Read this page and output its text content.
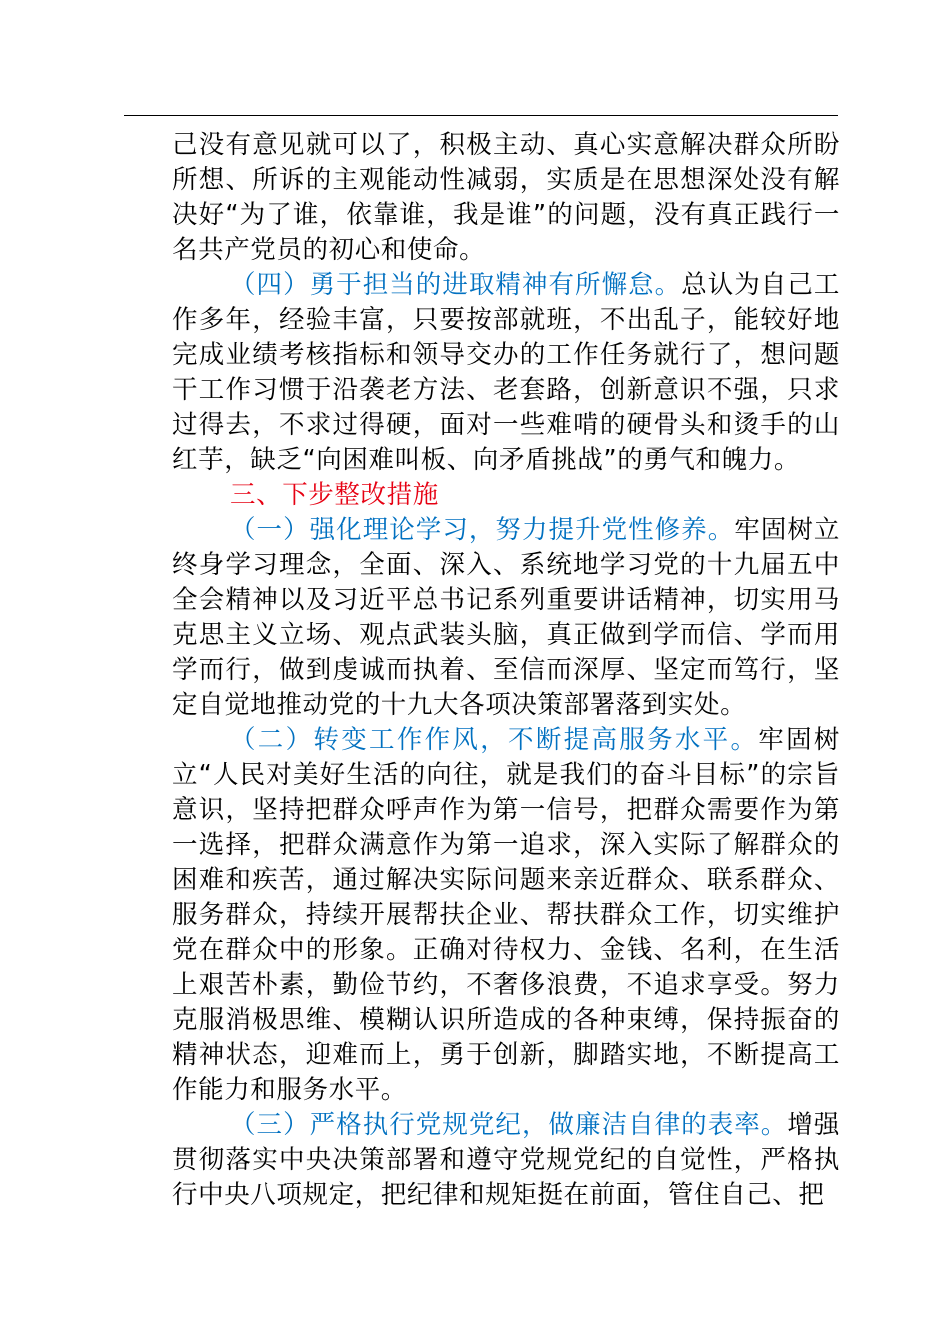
己没有意见就可以了，积极主动、真心实意解决群众所盼所想、所诉的主观能动性减弱，实质是在思想深处没有解决好“为了谁，依靠谁，我是谁”的问题，没有真正践行一名共产党员的初心和使命。

（四）勇于担当的进取精神有所懈怠。总认为自己工作多年，经验丰富，只要按部就班，不出乱子，能较好地完成业绩考核指标和领导交办的工作任务就行了，想问题干工作习惯于沿袭老方法、老套路，创新意识不强，只求过得去，不求过得硬，面对一些难啃的硬骨头和烫手的山红芋，缺乏“向困难叫板、向矛盾挑战”的勇气和魄力。

三、下步整改措施

（一）强化理论学习，努力提升党性修养。牢固树立终身学习理念，全面、深入、系统地学习党的十九届五中全会精神以及习近平总书记系列重要讲话精神，切实用马克思主义立场、观点武装头脑，真正做到学而信、学而用学而行，做到虔诚而执着、至信而深厚、坚定而笃行，坚定自觉地推动党的十九大各项决策部署落到实处。

（二）转变工作作风，不断提高服务水平。牢固树立“人民对美好生活的向往，就是我们的奋斗目标”的宗旨意识，坚持把群众呼声作为第一信号，把群众需要作为第一选择，把群众满意作为第一追求，深入实际了解群众的困难和疾苦，通过解决实际问题来亲近群众、联系群众、服务群众，持续开展帮扶企业、帮扶群众工作，切实维护党在群众中的形象。正确对待权力、金钱、名利，在生活上艰苦朴素，勤俭节约，不奢侈浪费，不追求享受。努力克服消极思维、模糊认识所造成的各种束缚，保持振奋的精神状态，迎难而上，勇于创新，脚踏实地，不断提高工作能力和服务水平。

（三）严格执行党规党纪，做廉洁自律的表率。增强贯彻落实中央决策部署和遵守党规党纪的自觉性，严格执行中央八项规定，把纪律和规矩挺在前面，管住自己、把
